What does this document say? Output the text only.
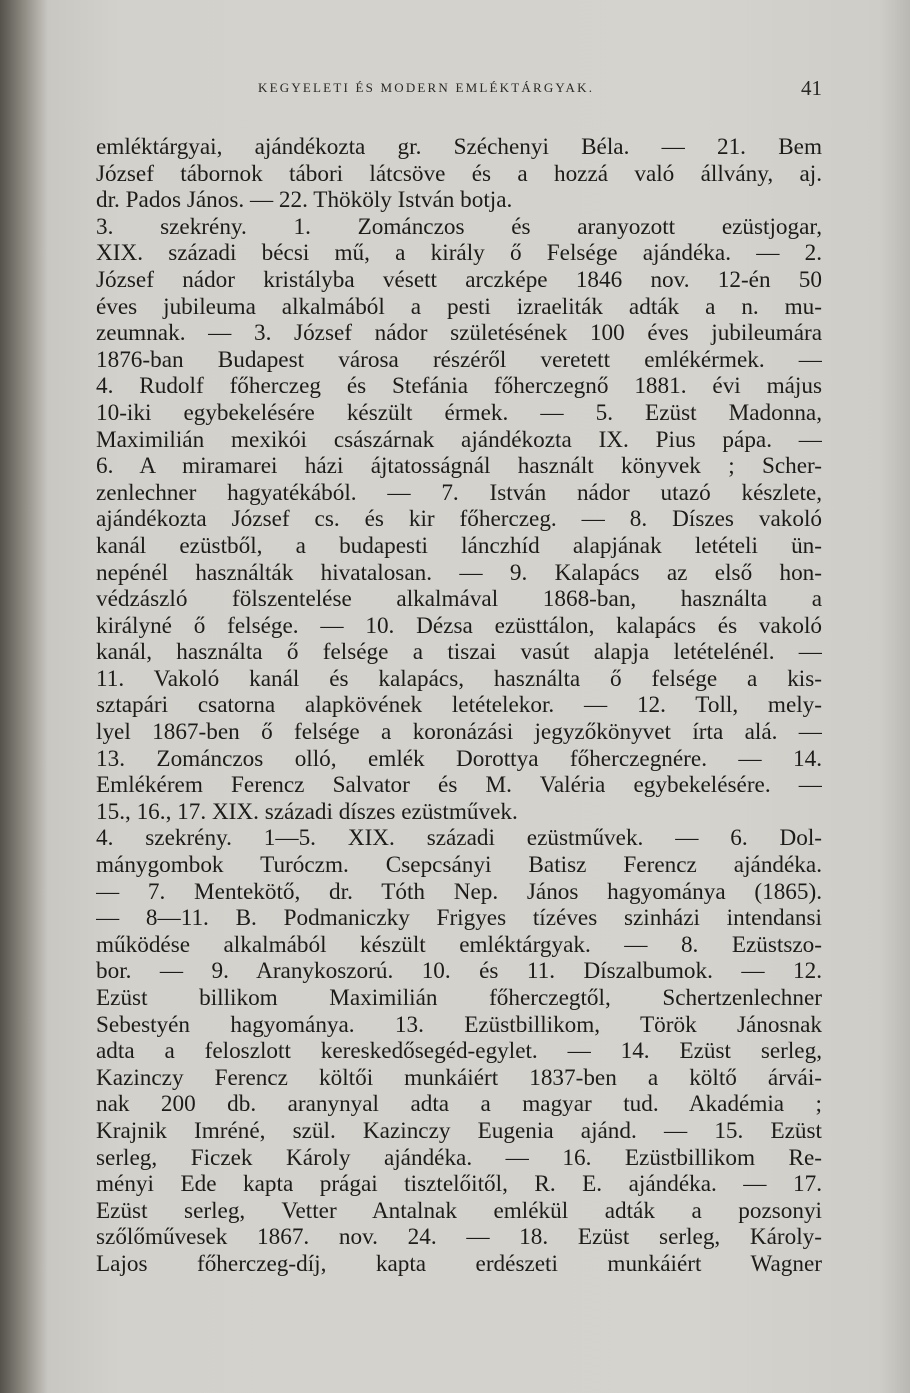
KEGYELETI ÉS MODERN EMLÉKTÁRGYAK.	41
emléktárgyai, ajándékozta gr. Széchenyi Béla. — 21. Bem
József tábornok tábori látcsöve és a hozzá való állvány, aj.
dr. Pados János. — 22. Thököly István botja.
3. szekrény. 1. Zománczos és aranyozott ezüstjogar,
XIX. századi bécsi mű, a király ő Felsége ajándéka. — 2.
József nádor kristályba vésett arczképe 1846 nov. 12-én 50
éves jubileuma alkalmából a pesti izraeliták adták a n. mu-
zeumnak. — 3. József nádor születésének 100 éves jubileumára
1876-ban Budapest városa részéről veretett emlékérmek. —
4. Rudolf főherczeg és Stefánia főherczegnő 1881. évi május
10-iki egybekelésére készült érmek. — 5. Ezüst Madonna,
Maximilián mexikói császárnak ajándékozta IX. Pius pápa. —
6. A miramarei házi ájtatosságnál használt könyvek ; Scher-
zenlechner hagyatékából. — 7. István nádor utazó készlete,
ajándékozta József cs. és kir főherczeg. — 8. Díszes vakoló
kanál ezüstből, a budapesti lánczhíd alapjának letételi ün-
nepénél használták hivatalosan. — 9. Kalapács az első hon-
védzászló fölszentelése alkalmával 1868-ban, használta a
királyné ő felsége. — 10. Dézsa ezüsttálon, kalapács és vakoló
kanál, használta ő felsége a tiszai vasút alapja letételénél. —
11. Vakoló kanál és kalapács, használta ő felsége a kis-
sztapári csatorna alapkövének letételekor. — 12. Toll, mely-
lyel 1867-ben ő felsége a koronázási jegyzőkönyvet írta alá. —
13. Zománczos olló, emlék Dorottya főherczegnére. — 14.
Emlékérem Ferencz Salvator és M. Valéria egybekelésére. —
15., 16., 17. XIX. századi díszes ezüstművek.
4. szekrény. 1—5. XIX. századi ezüstművek. — 6. Dol-
mánygombok Turóczm. Csepcsányi Batisz Ferencz ajándéka.
— 7. Mentekötő, dr. Tóth Nep. János hagyománya (1865).
— 8—11. B. Podmaniczky Frigyes tízéves szinházi intendansi
működése alkalmából készült emléktárgyak. — 8. Ezüstszo-
bor. — 9. Aranykoszorú. 10. és 11. Díszalbumok. — 12.
Ezüst billikom Maximilián főherczegtől, Schertzenlechner
Sebestyén hagyománya. 13. Ezüstbillikom, Török Jánosnak
adta a feloszlott kereskedősegéd-egylet. — 14. Ezüst serleg,
Kazinczy Ferencz költői munkáiért 1837-ben a költő árvái-
nak 200 db. aranynyal adta a magyar tud. Akadémia ;
Krajnik Imréné, szül. Kazinczy Eugenia ajánd. — 15. Ezüst
serleg, Ficzek Károly ajándéka. — 16. Ezüstbillikom Re-
ményi Ede kapta prágai tisztelőitől, R. E. ajándéka. — 17.
Ezüst serleg, Vetter Antalnak emlékül adták a pozsonyi
szőlőművesek 1867. nov. 24. — 18. Ezüst serleg, Károly-
Lajos főherczeg-díj, kapta erdészeti munkáiért Wagner
